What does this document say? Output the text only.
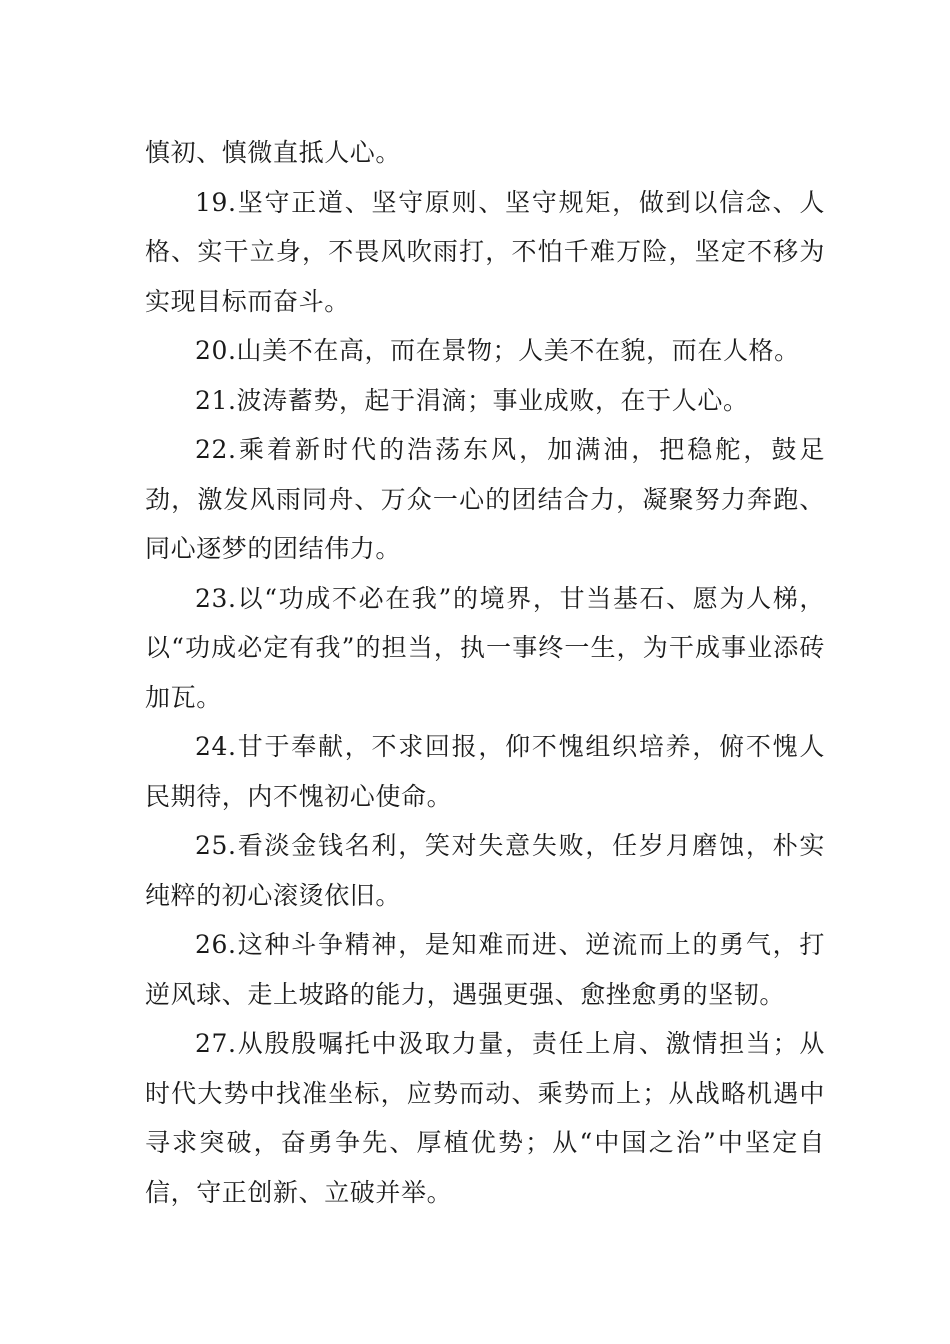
慎初、慎微直抵人心。

19.坚守正道、坚守原则、坚守规矩，做到以信念、人格、实干立身，不畏风吹雨打，不怕千难万险，坚定不移为实现目标而奋斗。

20.山美不在高，而在景物；人美不在貌，而在人格。

21.波涛蓄势，起于涓滴；事业成败，在于人心。

22.乘着新时代的浩荡东风，加满油，把稳舵，鼓足劲，激发风雨同舟、万众一心的团结合力，凝聚努力奔跑、同心逐梦的团结伟力。

23.以“功成不必在我”的境界，甘当基石、愿为人梯，以“功成必定有我”的担当，执一事终一生，为干成事业添砖加瓦。

24.甘于奉献，不求回报，仰不愧组织培养，俯不愧人民期待，内不愧初心使命。

25.看淡金钱名利，笑对失意失败，任岁月磨蚀，朴实纯粹的初心滚烫依旧。

26.这种斗争精神，是知难而进、逆流而上的勇气，打逆风球、走上坡路的能力，遇强更强、愈挫愈勇的坚韧。

27.从殷殷嘱托中汲取力量，责任上肩、激情担当；从时代大势中找准坐标，应势而动、乘势而上；从战略机遇中寻求突破，奋勇争先、厚植优势；从“中国之治”中坚定自信，守正创新、立破并举。
